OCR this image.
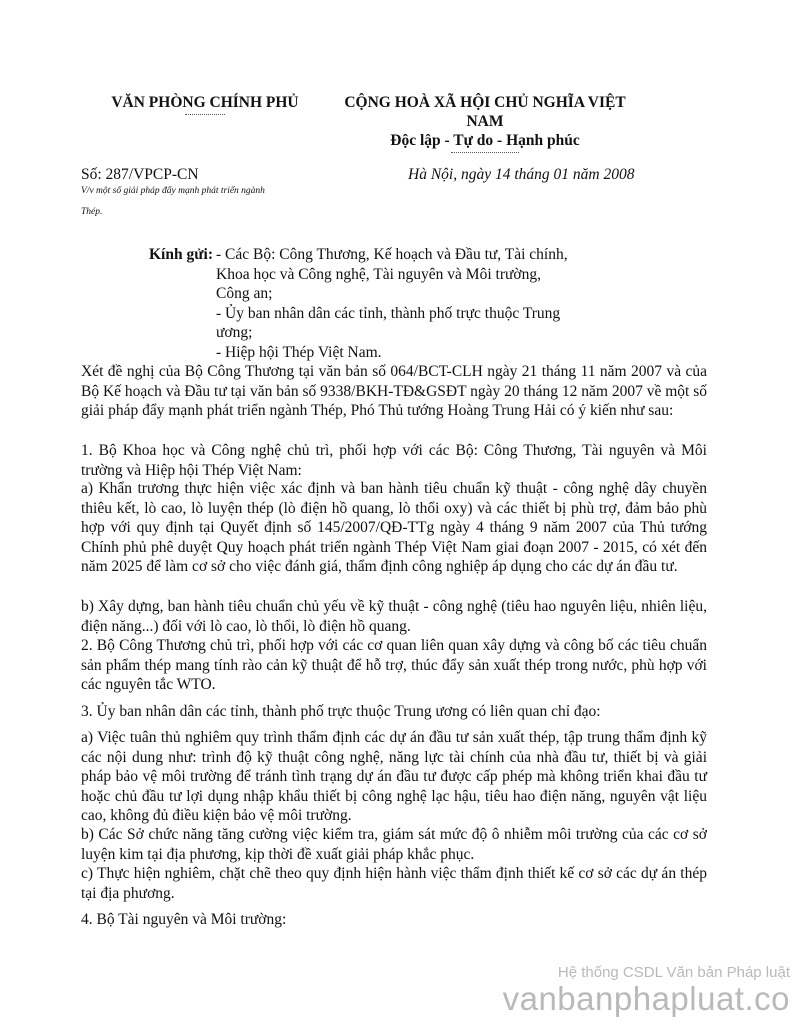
VĂN PHÒNG CHÍNH PHỦ	CỘNG HOÀ XÃ HỘI CHỦ NGHĨA VIỆT
NAM
Độc lập - Tự do - Hạnh phúc
Số: 287/VPCP-CN	Hà Nội, ngày 14 tháng 01 năm 2008
V/v một số giải pháp đẩy mạnh phát triển ngành
Thép.
Kính gửi: - Các Bộ: Công Thương, Kế hoạch và Đầu tư, Tài chính,
Khoa học và Công nghệ, Tài nguyên và Môi trường,
Công an;
- Ủy ban nhân dân các tỉnh, thành phố trực thuộc Trung
ương;
- Hiệp hội Thép Việt Nam.

Xét đề nghị của Bộ Công Thương tại văn bản số 064/BCT-CLH ngày 21 tháng 11 năm 2007 và của Bộ Kế hoạch và Đầu tư tại văn bản số 9338/BKH-TĐ&GSĐT ngày 20 tháng 12 năm 2007 về một số giải pháp đẩy mạnh phát triển ngành Thép, Phó Thủ tướng Hoàng Trung Hải có ý kiến như sau:

1. Bộ Khoa học và Công nghệ chủ trì, phối hợp với các Bộ: Công Thương, Tài nguyên và Môi trường và Hiệp hội Thép Việt Nam:

a) Khẩn trương thực hiện việc xác định và ban hành tiêu chuẩn kỹ thuật - công nghệ dây chuyền thiêu kết, lò cao, lò luyện thép (lò điện hồ quang, lò thổi oxy) và các thiết bị phù trợ, đảm bảo phù hợp với quy định tại Quyết định số 145/2007/QĐ-TTg ngày 4 tháng 9 năm 2007 của Thủ tướng Chính phủ phê duyệt Quy hoạch phát triển ngành Thép Việt Nam giai đoạn 2007 - 2015, có xét đến năm 2025 để làm cơ sở cho việc đánh giá, thẩm định công nghiệp áp dụng cho các dự án đầu tư.

b) Xây dựng, ban hành tiêu chuẩn chủ yếu về kỹ thuật - công nghệ (tiêu hao nguyên liệu, nhiên liệu, điện năng...) đối với lò cao, lò thổi, lò điện hồ quang.

2. Bộ Công Thương chủ trì, phối hợp với các cơ quan liên quan xây dựng và công bố các tiêu chuẩn sản phẩm thép mang tính rào cản kỹ thuật để hỗ trợ, thúc đẩy sản xuất thép trong nước, phù hợp với các nguyên tắc WTO.

3. Ủy ban nhân dân các tỉnh, thành phố trực thuộc Trung ương có liên quan chỉ đạo:

a) Việc tuân thủ nghiêm quy trình thẩm định các dự án đầu tư sản xuất thép, tập trung thẩm định kỹ các nội dung như: trình độ kỹ thuật công nghệ, năng lực tài chính của nhà đầu tư, thiết bị và giải pháp bảo vệ môi trường để tránh tình trạng dự án đầu tư được cấp phép mà không triển khai đầu tư hoặc chủ đầu tư lợi dụng nhập khẩu thiết bị công nghệ lạc hậu, tiêu hao điện năng, nguyên vật liệu cao, không đủ điều kiện bảo vệ môi trường.

b) Các Sở chức năng tăng cường việc kiểm tra, giám sát mức độ ô nhiễm môi trường của các cơ sở luyện kim tại địa phương, kịp thời đề xuất giải pháp khắc phục.

c) Thực hiện nghiêm, chặt chẽ theo quy định hiện hành việc thẩm định thiết kế cơ sở các dự án thép tại địa phương.

4. Bộ Tài nguyên và Môi trường:

Hệ thống CSDL Văn bản Pháp luật
vanbanphapluat.co
